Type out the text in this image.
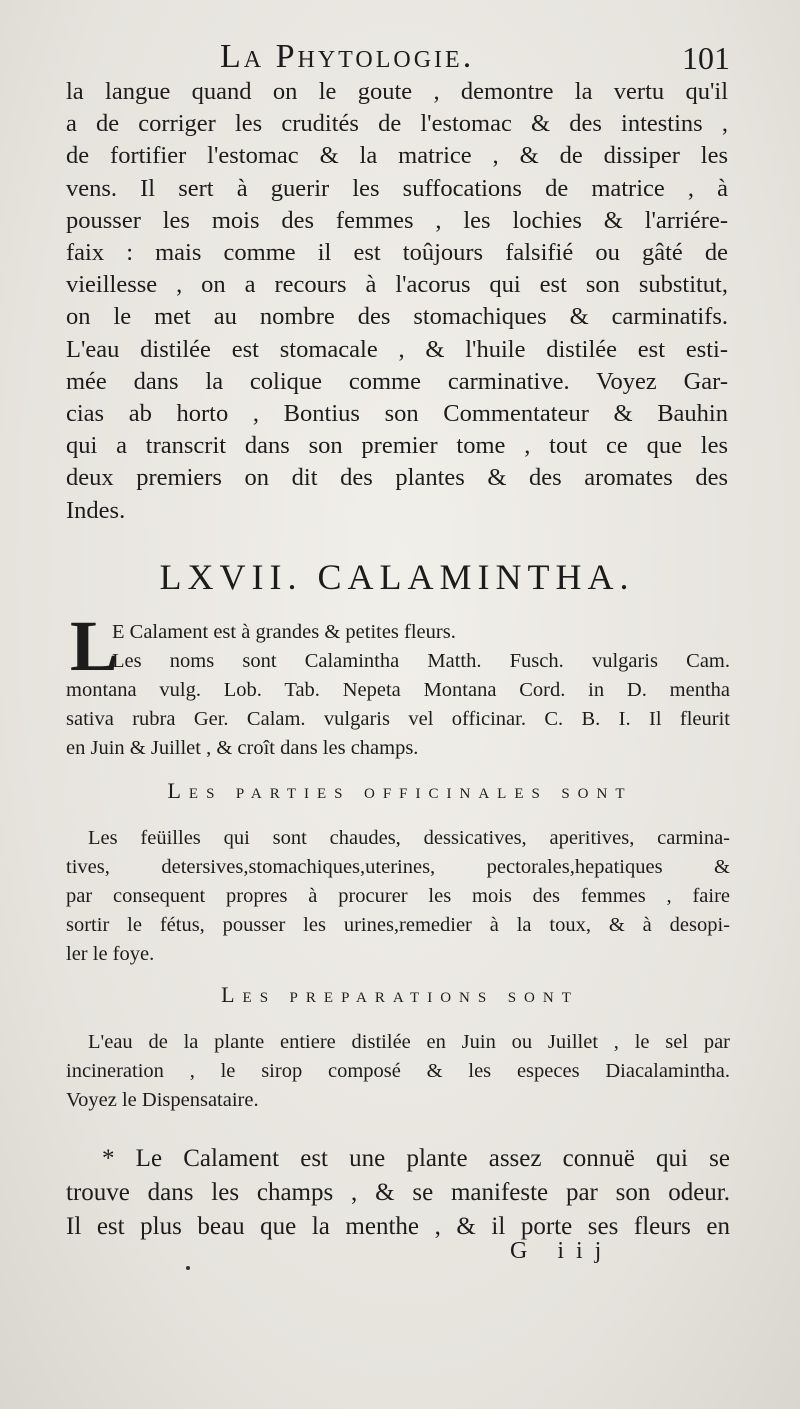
La Phytologie.	101
la langue quand on le goute , demontre la vertu qu'il
a de corriger les crudités de l'estomac & des intestins ,
de fortifier l'estomac & la matrice , & de dissiper les
vens. Il sert à guerir les suffocations de matrice , à
pousser les mois des femmes , les lochies & l'arriére-
faix : mais comme il est toûjours falsifié ou gâté de
vieillesse , on a recours à l'acorus qui est son substitut,
on le met au nombre des stomachiques & carminatifs.
L'eau distilée est stomacale , & l'huile distilée est esti-
mée dans la colique comme carminative. Voyez Gar-
cias ab horto , Bontius son Commentateur & Bauhin
qui a transcrit dans son premier tome , tout ce que les
deux premiers on dit des plantes & des aromates des
Indes.
LXVII. CALAMINTHA.
L
E Calament est à grandes & petites fleurs.
Les noms sont Calamintha Matth. Fusch. vulgaris Cam.
montana vulg. Lob. Tab. Nepeta Montana Cord. in D. mentha
sativa rubra Ger. Calam. vulgaris vel officinar. C. B. I. Il fleurit
en Juin & Juillet , & croît dans les champs.
Les parties officinales sont
Les feüilles qui sont chaudes, dessicatives, aperitives, carmina-
tives, detersives,stomachiques,uterines, pectorales,hepatiques &
par consequent propres à procurer les mois des femmes , faire
sortir le fétus, pousser les urines,remedier à la toux, & à desopi-
ler le foye.
Les preparations sont
L'eau de la plante entiere distilée en Juin ou Juillet , le sel par
incineration , le sirop composé & les especes Diacalamintha.
Voyez le Dispensataire.
* Le Calament est une plante assez connuë qui se
trouve dans les champs , & se manifeste par son odeur.
Il est plus beau que la menthe , & il porte ses fleurs en
G iij
